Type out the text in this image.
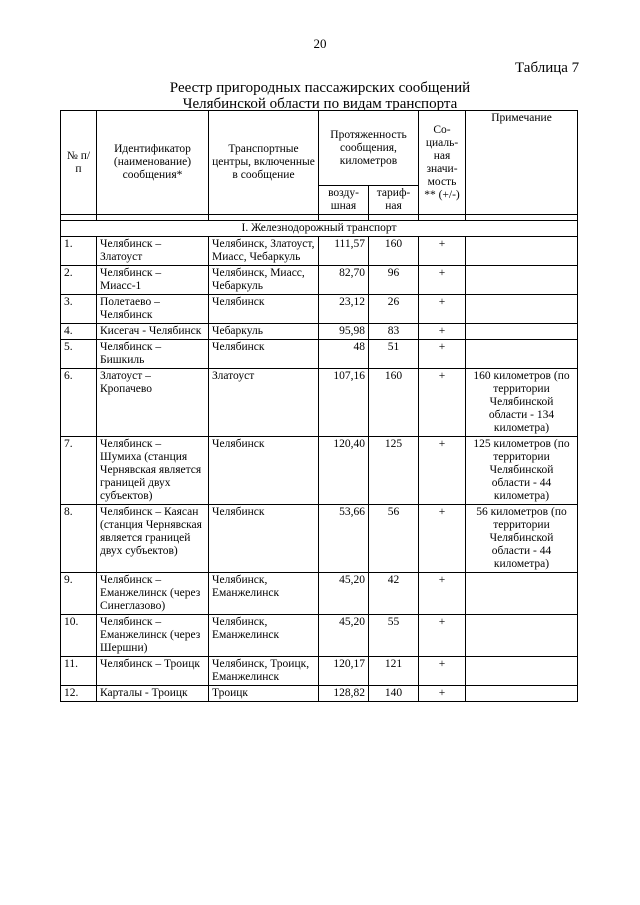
20
Таблица 7
Реестр пригородных пассажирских сообщений
Челябинской области по видам транспорта
№ п/п	Идентификатор (наименование) сообщения*	Транспортные центры, включенные в сообщение	Протяженность сообщения, километров		Со-циаль-ная значи-мость ** (+/-)	Примечание
			возду-шная	тариф-ная		

I. Железнодорожный транспорт						
1.	Челябинск – Златоуст	Челябинск, Златоуст, Миасс, Чебаркуль	111,57	160	+	
2.	Челябинск – Миасс-1	Челябинск, Миасс, Чебаркуль	82,70	96	+	
3.	Полетаево – Челябинск	Челябинск	23,12	26	+	
4.	Кисегач - Челябинск	Чебаркуль	95,98	83	+	
5.	Челябинск – Бишкиль	Челябинск	48	51	+	
6.	Златоуст – Кропачево	Златоуст	107,16	160	+	160 километров (по территории Челябинской области - 134 километра)
7.	Челябинск – Шумиха (станция Чернявская является границей двух субъектов)	Челябинск	120,40	125	+	125 километров (по территории Челябинской области - 44 километра)
8.	Челябинск – Каясан (станция Чернявская является границей двух субъектов)	Челябинск	53,66	56	+	56 километров (по территории Челябинской области - 44 километра)
9.	Челябинск – Еманжелинск (через Синеглазово)	Челябинск, Еманжелинск	45,20	42	+	
10.	Челябинск – Еманжелинск (через Шершни)	Челябинск, Еманжелинск	45,20	55	+	
11.	Челябинск – Троицк	Челябинск, Троицк, Еманжелинск	120,17	121	+	
12.	Карталы - Троицк	Троицк	128,82	140	+	
